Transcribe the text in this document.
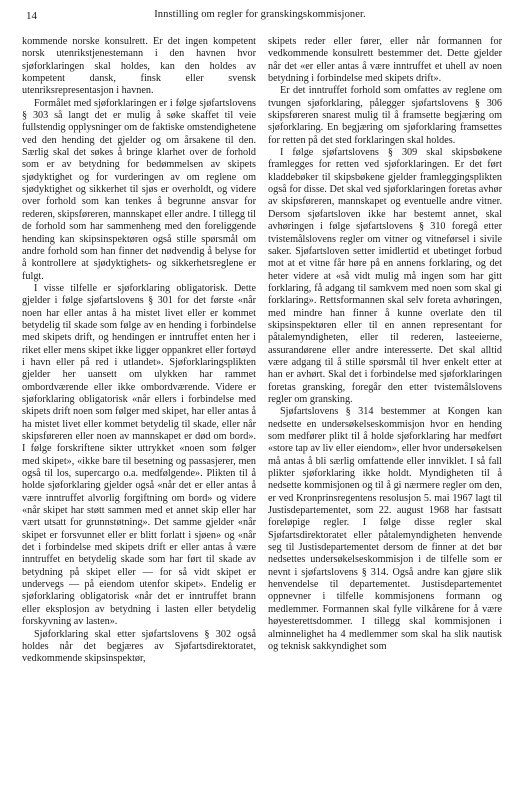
14	Innstilling om regler for granskingskommisjoner.

kommende norske konsulrett. Er det ingen kompetent norsk utenrikstjenestemann i den havnen hvor sjøforklaringen skal holdes, kan den holdes av kompetent dansk, finsk eller svensk utenriksrepresentasjon i havnen.

Formålet med sjøforklaringen er i følge sjøfartslovens § 303 så langt det er mulig å søke skaffet til veie fullstendig opplysninger om de faktiske omstendighetene ved den hending det gjelder og om årsakene til den. Særlig skal det søkes å bringe klarhet over de forhold som er av betydning for bedømmelsen av skipets sjødyktighet og for vurderingen av om reglene om sjødyktighet og sikkerhet til sjøs er overholdt, og videre over forhold som kan tenkes å begrunne ansvar for rederen, skipsføreren, mannskapet eller andre. I tillegg til de forhold som har sammenheng med den foreliggende hending kan skipsinspektøren også stille spørsmål om andre forhold som han finner det nødvendig å belyse for å kontrollere at sjødyktighets- og sikkerhetsreglene er fulgt.

I visse tilfelle er sjøforklaring obligatorisk. Dette gjelder i følge sjøfartslovens § 301 for det første «når noen har eller antas å ha mistet livet eller er kommet betydelig til skade som følge av en hending i forbindelse med skipets drift, og hendingen er inntruffet enten her i riket eller mens skipet ikke ligger oppankret eller fortøyd i havn eller på red i utlandet». Sjøforklaringsplikten gjelder her uansett om ulykken har rammet ombordværende eller ikke ombordværende. Videre er sjøforklaring obligatorisk «når ellers i forbindelse med skipets drift noen som følger med skipet, har eller antas å ha mistet livet eller kommet betydelig til skade, eller når skipsføreren eller noen av mannskapet er død om bord». I følge forskriftene sikter uttrykket «noen som følger med skipet», «ikke bare til besetning og passasjerer, men også til los, supercargo o.a. medfølgende». Plikten til å holde sjøforklaring gjelder også «når det er eller antas å være inntruffet alvorlig forgiftning om bord» og videre «når skipet har støtt sammen med et annet skip eller har vært utsatt for grunnstøtning». Det samme gjelder «når skipet er forsvunnet eller er blitt forlatt i sjøen» og «når det i forbindelse med skipets drift er eller antas å være inntruffet en betydelig skade som har ført til skade av betydning på skipet eller — for så vidt skipet er undervegs — på eiendom utenfor skipet». Endelig er sjøforklaring obligatorisk «når det er inntruffet brann eller eksplosjon av betydning i lasten eller betydelig forskyvning av lasten».

Sjøforklaring skal etter sjøfartslovens § 302 også holdes når det begjæres av Sjøfartsdirektoratet, vedkommende skipsinspektør,

skipets reder eller fører, eller når formannen for vedkommende konsulrett bestemmer det. Dette gjelder når det «er eller antas å være inntruffet et uhell av noen betydning i forbindelse med skipets drift».

Er det inntruffet forhold som omfattes av reglene om tvungen sjøforklaring, pålegger sjøfartslovens § 306 skipsføreren snarest mulig til å framsette begjæring om sjøforklaring. En begjæring om sjøforklaring framsettes for retten på det sted forklaringen skal holdes.

I følge sjøfartslovens § 309 skal skipsbøkene framlegges for retten ved sjøforklaringen. Er det ført kladdebøker til skipsbøkene gjelder framleggingsplikten også for disse. Det skal ved sjøforklaringen foretas avhør av skipsføreren, mannskapet og eventuelle andre vitner. Dersom sjøfartsloven ikke har bestemt annet, skal avhøringen i følge sjøfartslovens § 310 foregå etter tvistemålslovens regler om vitner og vitneførsel i sivile saker. Sjøfartsloven setter imidlertid et ubetinget forbud mot at et vitne får høre på en annens forklaring, og det heter videre at «så vidt mulig må ingen som har gitt forklaring, få adgang til samkvem med noen som skal gi forklaring». Rettsformannen skal selv foreta avhøringen, med mindre han finner å kunne overlate den til skipsinspektøren eller til en annen representant for påtalemyndigheten, eller til rederen, lasteeierne, assurandørene eller andre interesserte. Det skal alltid være adgang til å stille spørsmål til hver enkelt etter at han er avhørt. Skal det i forbindelse med sjøforklaringen foretas gransking, foregår den etter tvistemålslovens regler om gransking.

Sjøfartslovens § 314 bestemmer at Kongen kan nedsette en undersøkelseskommisjon hvor en hending som medfører plikt til å holde sjøforklaring har medført «store tap av liv eller eiendom», eller hvor undersøkelsen må antas å bli særlig omfattende eller innviklet. I så fall plikter sjøforklaring ikke holdt. Myndigheten til å nedsette kommisjonen og til å gi nærmere regler om den, er ved Kronprinsregentens resolusjon 5. mai 1967 lagt til Justisdepartementet, som 22. august 1968 har fastsatt foreløpige regler. I følge disse regler skal Sjøfartsdirektoratet eller påtalemyndigheten henvende seg til Justisdepartementet dersom de finner at det bør nedsettes undersøkelseskommisjon i de tilfelle som er nevnt i sjøfartslovens § 314. Også andre kan gjøre slik henvendelse til departementet. Justisdepartementet oppnevner i tilfelle kommisjonens formann og medlemmer. Formannen skal fylle vilkårene for å være høyesterettsdommer. I tillegg skal kommisjonen i alminnelighet ha 4 medlemmer som skal ha slik nautisk og teknisk sakkyndighet som
